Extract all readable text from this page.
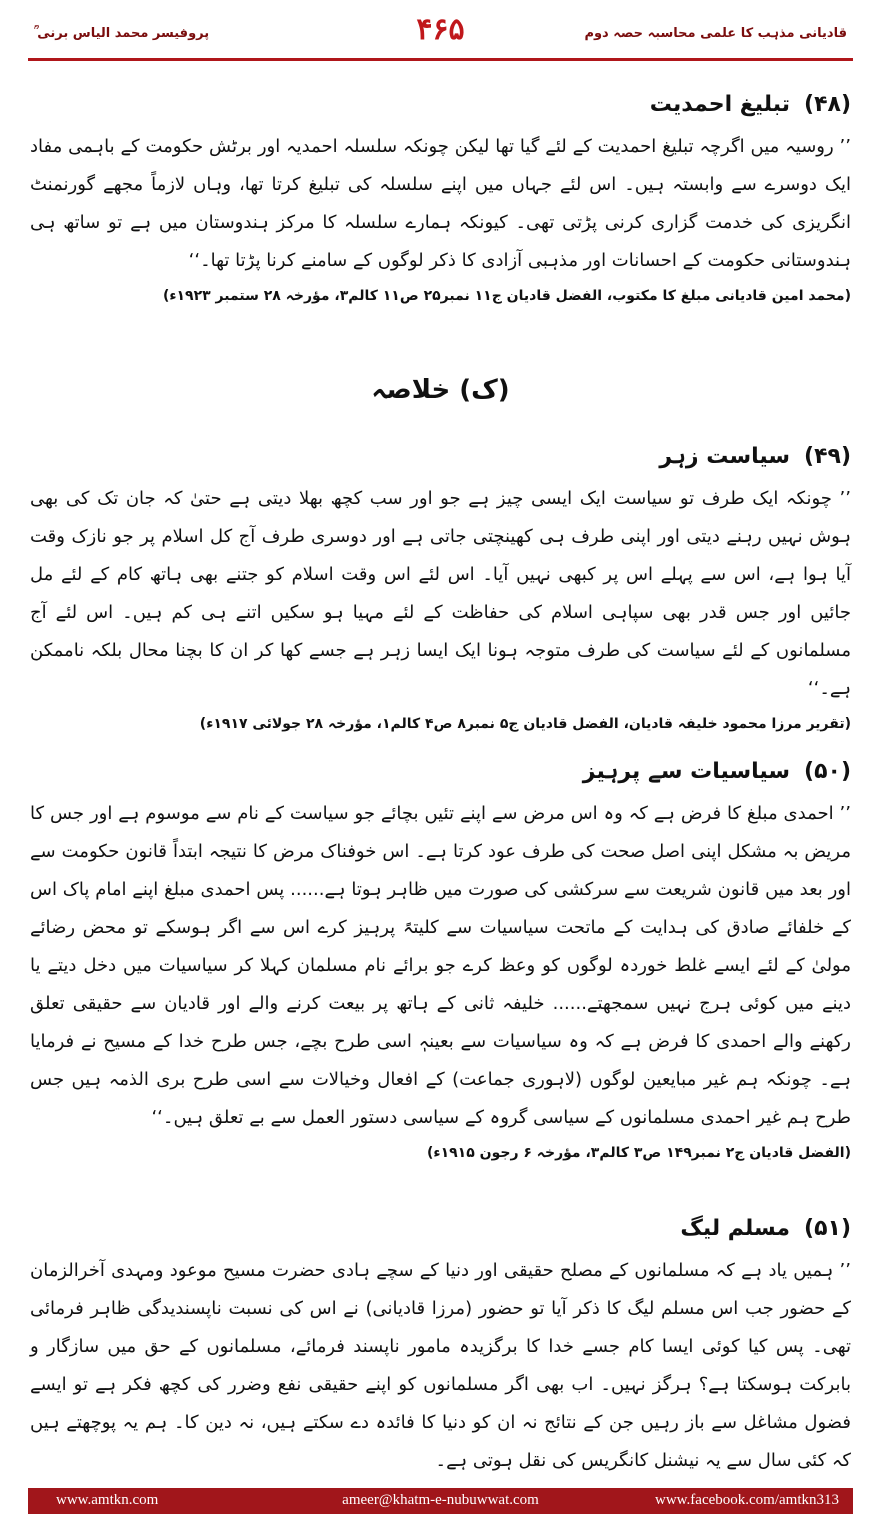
پروفیسر محمد الیاس برنی ؒ	۴۶۵	قادیانی مذہب کا علمی محاسبہ حصہ دوم
(۴۸)تبلیغ احمدیت

’’ روسیہ میں اگرچہ تبلیغ احمدیت کے لئے گیا تھا لیکن چونکہ سلسلہ احمدیہ اور برٹش حکومت کے باہمی مفاد ایک دوسرے سے وابستہ ہیں۔ اس لئے جہاں میں اپنے سلسلہ کی تبلیغ کرتا تھا، وہاں لازماً مجھے گورنمنٹ انگریزی کی خدمت گزاری کرنی پڑتی تھی۔ کیونکہ ہمارے سلسلہ کا مرکز ہندوستان میں ہے تو ساتھ ہی ہندوستانی حکومت کے احسانات اور مذہبی آزادی کا ذکر لوگوں کے سامنے کرنا پڑتا تھا۔‘‘

(محمد امین قادیانی مبلغ کا مکتوب، الفضل قادیان ج۱۱ نمبر۲۵ ص۱۱ کالم۳، مؤرخہ ۲۸ ستمبر ۱۹۲۳ء)
(ک) خلاصہ
(۴۹)سیاست زہر

’’ چونکہ ایک طرف تو سیاست ایک ایسی چیز ہے جو اور سب کچھ بھلا دیتی ہے حتیٰ کہ جان تک کی بھی ہوش نہیں رہنے دیتی اور اپنی طرف ہی کھینچتی جاتی ہے اور دوسری طرف آج کل اسلام پر جو نازک وقت آیا ہوا ہے، اس سے پہلے اس پر کبھی نہیں آیا۔ اس لئے اس وقت اسلام کو جتنے بھی ہاتھ کام کے لئے مل جائیں اور جس قدر بھی سپاہی اسلام کی حفاظت کے لئے مہیا ہو سکیں اتنے ہی کم ہیں۔ اس لئے آج مسلمانوں کے لئے سیاست کی طرف متوجہ ہونا ایک ایسا زہر ہے جسے کھا کر ان کا بچنا محال بلکہ ناممکن ہے۔‘‘

(تقریر مرزا محمود خلیفہ قادیان، الفضل قادیان ج۵ نمبر۸ ص۴ کالم۱، مؤرخہ ۲۸ جولائی ۱۹۱۷ء)
(۵۰)سیاسیات سے پرہیز

’’ احمدی مبلغ کا فرض ہے کہ وہ اس مرض سے اپنے تئیں بچائے جو سیاست کے نام سے موسوم ہے اور جس کا مریض بہ مشکل اپنی اصل صحت کی طرف عود کرتا ہے۔ اس خوفناک مرض کا نتیجہ ابتداً قانون حکومت سے اور بعد میں قانون شریعت سے سرکشی کی صورت میں ظاہر ہوتا ہے...... پس احمدی مبلغ اپنے امام پاک اس کے خلفائے صادق کی ہدایت کے ماتحت سیاسیات سے کلیتہً پرہیز کرے اس سے اگر ہوسکے تو محض رضائے مولیٰ کے لئے ایسے غلط خوردہ لوگوں کو وعظ کرے جو برائے نام مسلمان کہلا کر سیاسیات میں دخل دیتے یا دینے میں کوئی ہرج نہیں سمجھتے...... خلیفہ ثانی کے ہاتھ پر بیعت کرنے والے اور قادیان سے حقیقی تعلق رکھنے والے احمدی کا فرض ہے کہ وہ سیاسیات سے بعینہٖ اسی طرح بچے، جس طرح خدا کے مسیح نے فرمایا ہے۔ چونکہ ہم غیر مبایعین لوگوں (لاہوری جماعت) کے افعال وخیالات سے اسی طرح بری الذمہ ہیں جس طرح ہم غیر احمدی مسلمانوں کے سیاسی گروہ کے سیاسی دستور العمل سے بے تعلق ہیں۔‘‘

(الفضل قادیان ج۲ نمبر۱۴۹ ص۳ کالم۳، مؤرخہ ۶ رجون ۱۹۱۵ء)
(۵۱)مسلم لیگ

’’ ہمیں یاد ہے کہ مسلمانوں کے مصلح حقیقی اور دنیا کے سچے ہادی حضرت مسیح موعود ومہدی آخرالزمان کے حضور جب اس مسلم لیگ کا ذکر آیا تو حضور (مرزا قادیانی) نے اس کی نسبت ناپسندیدگی ظاہر فرمائی تھی۔ پس کیا کوئی ایسا کام جسے خدا کا برگزیدہ مامور ناپسند فرمائے، مسلمانوں کے حق میں سازگار و بابرکت ہوسکتا ہے؟ ہرگز نہیں۔ اب بھی اگر مسلمانوں کو اپنے حقیقی نفع وضرر کی کچھ فکر ہے تو ایسے فضول مشاغل سے باز رہیں جن کے نتائج نہ ان کو دنیا کا فائدہ دے سکتے ہیں، نہ دین کا۔ ہم یہ پوچھتے ہیں کہ کئی سال سے یہ نیشنل کانگریس کی نقل ہوتی ہے۔

www.amtkn.com	ameer@khatm-e-nubuwwat.com	www.facebook.com/amtkn313
